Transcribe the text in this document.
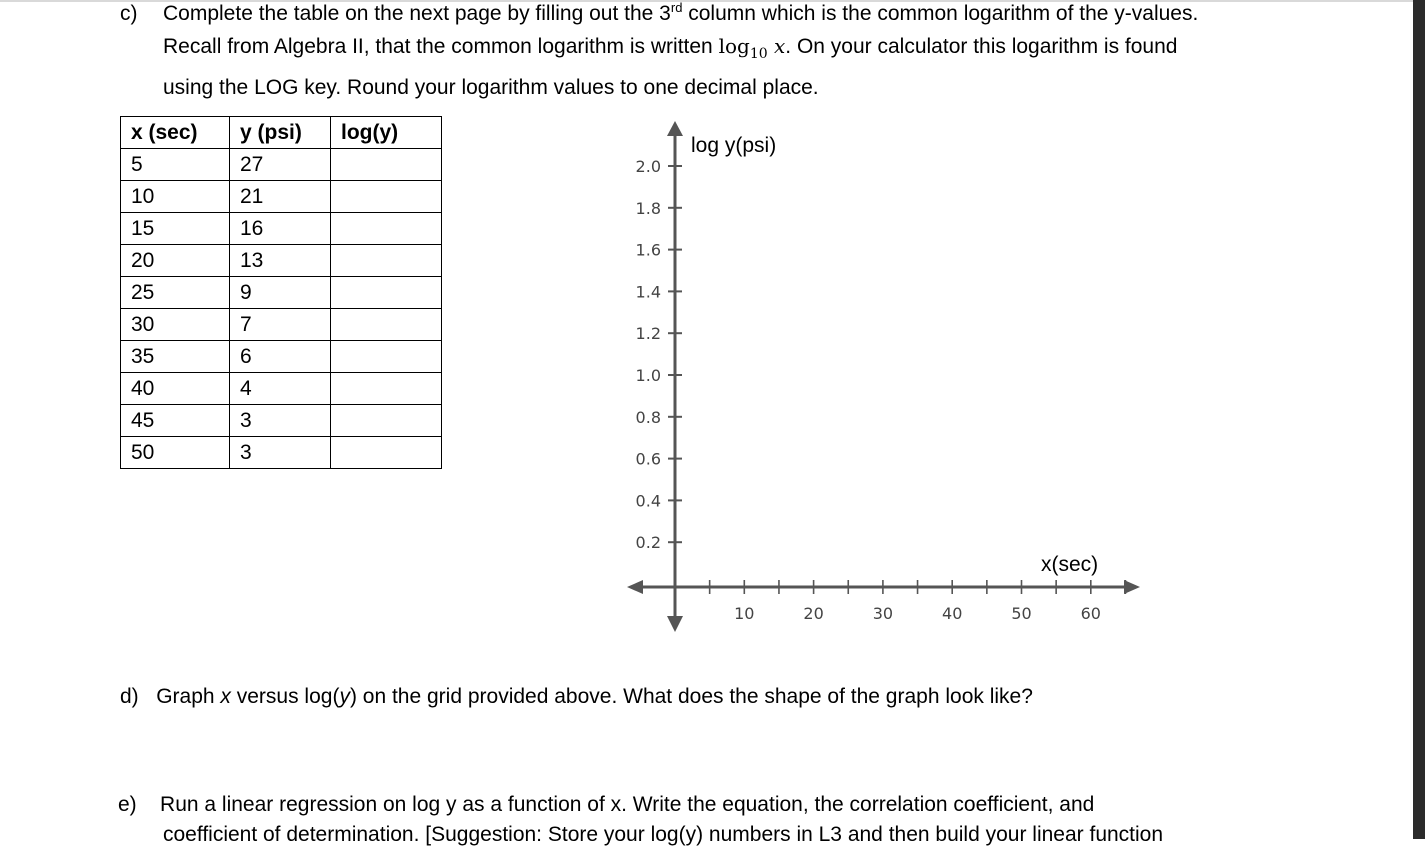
c) Complete the table on the next page by filling out the 3rd column which is the common logarithm of the y-values.
Recall from Algebra II, that the common logarithm is written $\log_{10} x$. On your calculator this logarithm is found
using the LOG key. Round your logarithm values to one decimal place.
x (sec)	y (psi)	log(y)
5	27	
10	21	
15	16	
20	13	
25	9	
30	7	
35	6	
40	4	
45	3	
50	3	
60
50
40
30
20
10
0.2
0.4
0.6
0.8
1.0
1.2
1.4
1.6
1.8
2.0
log y(psi)
x(sec)
d) Graph x versus log(y) on the grid provided above. What does the shape of the graph look like?
e) Run a linear regression on log y as a function of x. Write the equation, the correlation coefficient, and
coefficient of determination. [Suggestion: Store your log(y) numbers in L3 and then build your linear function
